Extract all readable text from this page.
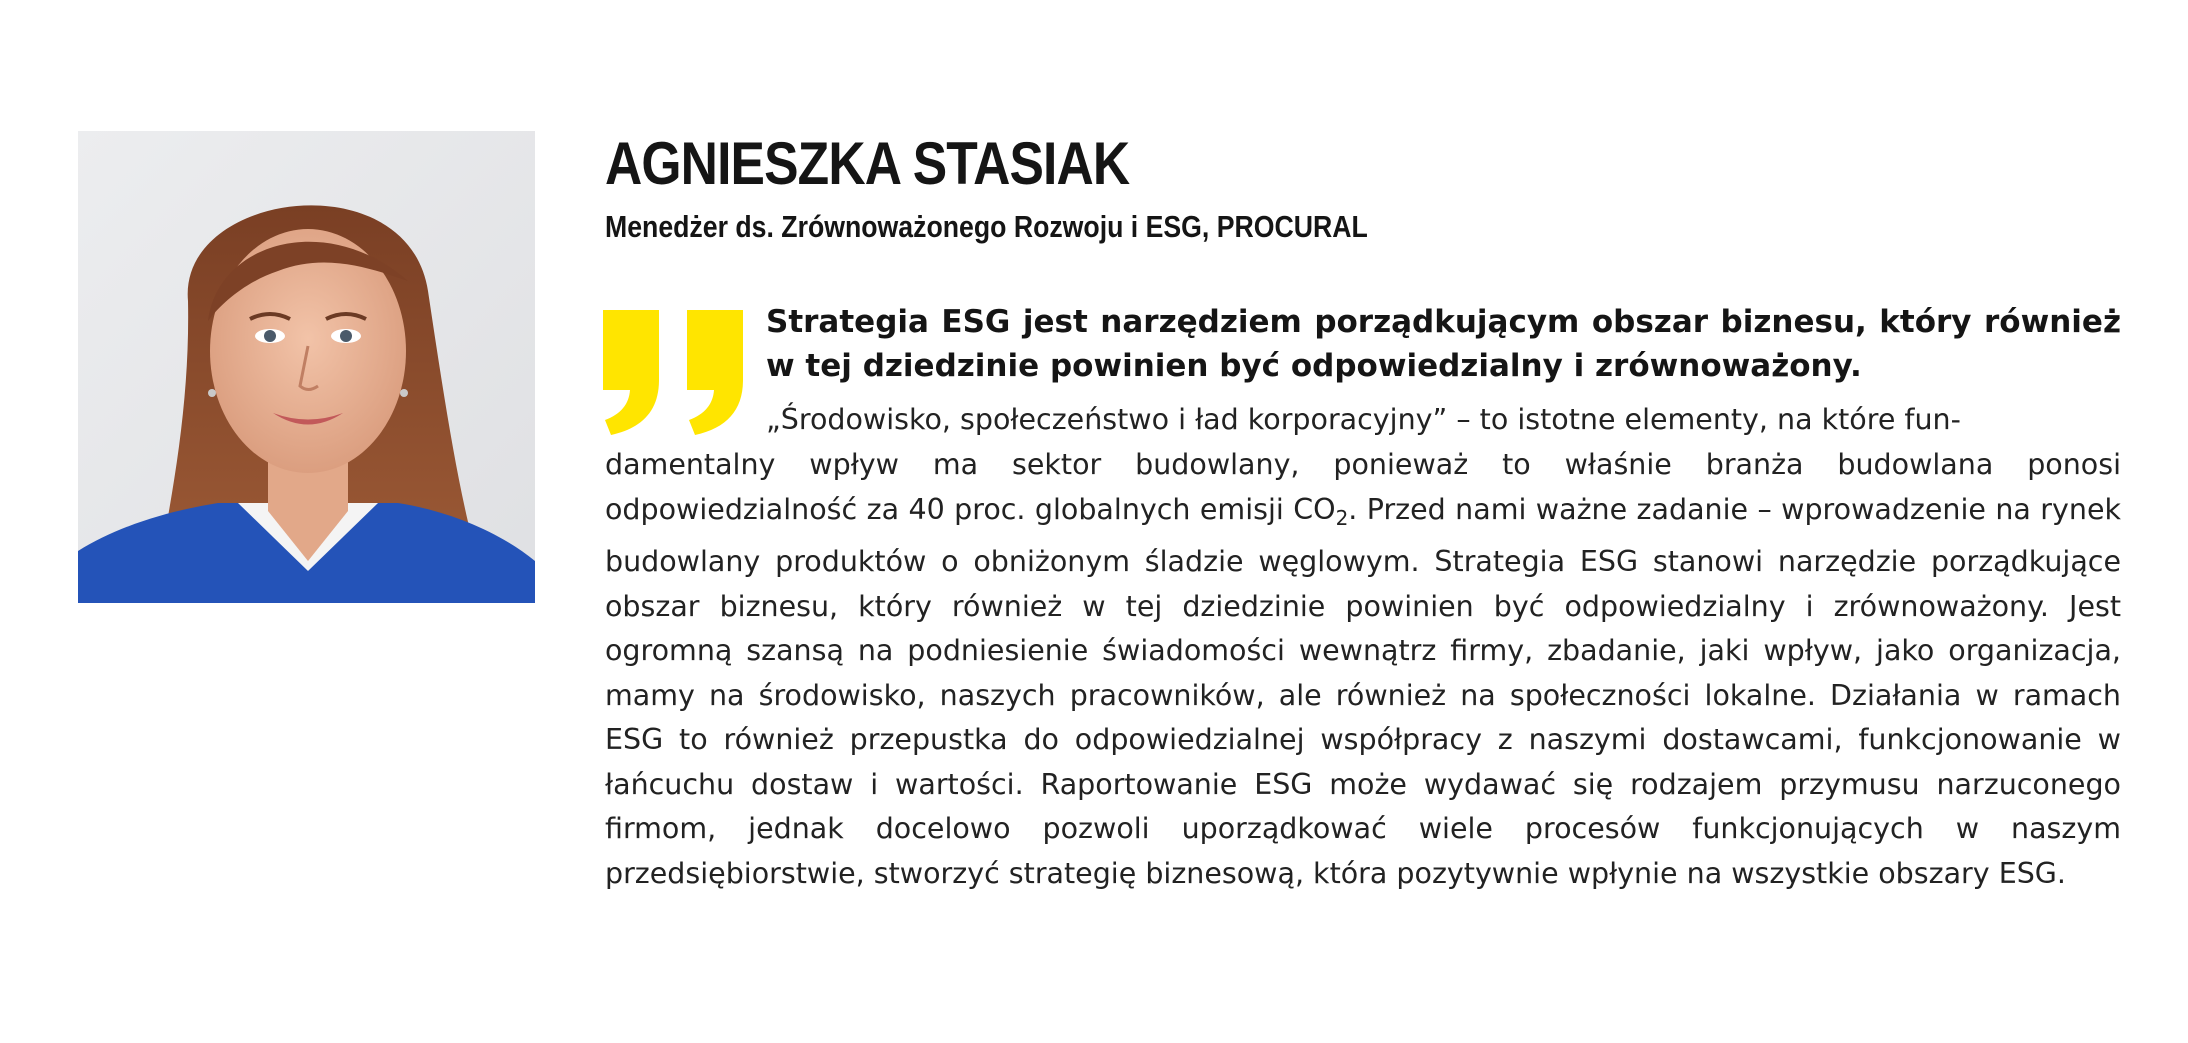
AGNIESZKA STASIAK
Menedżer ds. Zrównoważonego Rozwoju i ESG, PROCURAL

Strategia ESG jest narzędziem porządkującym obszar biznesu, który również w tej dziedzinie powinien być odpowiedzialny i zrównoważony.

„Środowisko, społeczeństwo i ład korporacyjny” – to istotne elementy, na które fun-

damentalny wpływ ma sektor budowlany, ponieważ to właśnie branża budowlana ponosi odpowiedzialność za 40 proc. globalnych emisji $CO_2$. Przed nami ważne zadanie – wprowadzenie na rynek budowlany produktów o obniżonym śladzie węglowym. Strategia ESG stanowi narzędzie porządkujące obszar biznesu, który również w tej dziedzinie powinien być odpowiedzialny i zrównoważony. Jest ogromną szansą na podniesienie świadomości wewnątrz firmy, zbadanie, jaki wpływ, jako organizacja, mamy na środowisko, naszych pracowników, ale również na społeczności lokalne. Działania w ramach ESG to również przepustka do odpowiedzialnej współpracy z naszymi dostawcami, funkcjonowanie w łańcuchu dostaw i wartości. Raportowanie ESG może wydawać się rodzajem przymusu narzuconego firmom, jednak docelowo pozwoli uporządkować wiele procesów funkcjonujących w naszym przedsiębiorstwie, stworzyć strategię biznesową, która pozytywnie wpłynie na wszystkie obszary ESG.
